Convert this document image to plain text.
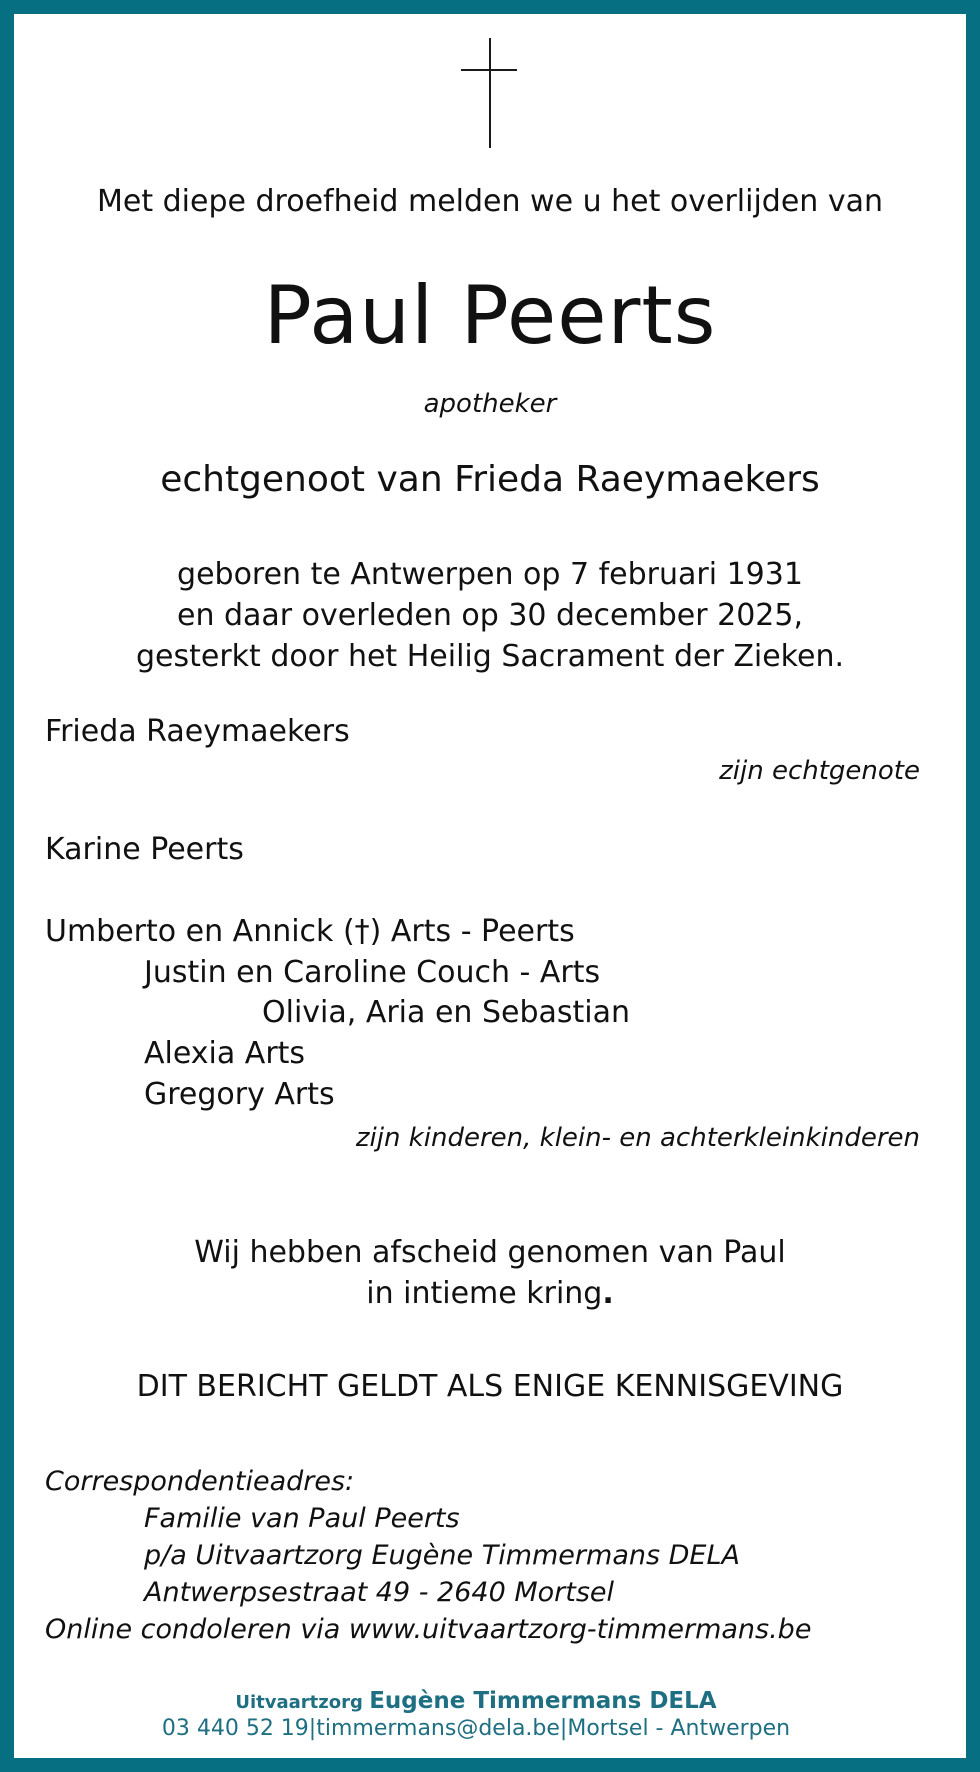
Met diepe droefheid melden we u het overlijden van
Paul Peerts
apotheker
echtgenoot van Frieda Raeymaekers
geboren te Antwerpen op 7 februari 1931
en daar overleden op 30 december 2025,
gesterkt door het Heilig Sacrament der Zieken.
Frieda Raeymaekers
zijn echtgenote
Karine Peerts
Umberto en Annick (†) Arts - Peerts
Justin en Caroline Couch - Arts
Olivia, Aria en Sebastian
Alexia Arts
Gregory Arts
zijn kinderen, klein- en achterkleinkinderen
Wij hebben afscheid genomen van Paul
in intieme kring.
DIT BERICHT GELDT ALS ENIGE KENNISGEVING
Correspondentieadres:
Familie van Paul Peerts
p/a Uitvaartzorg Eugène Timmermans DELA
Antwerpsestraat 49 - 2640 Mortsel
Online condoleren via www.uitvaartzorg-timmermans.be
Uitvaartzorg Eugène Timmermans DELA
03 440 52 19|timmermans@dela.be|Mortsel - Antwerpen
